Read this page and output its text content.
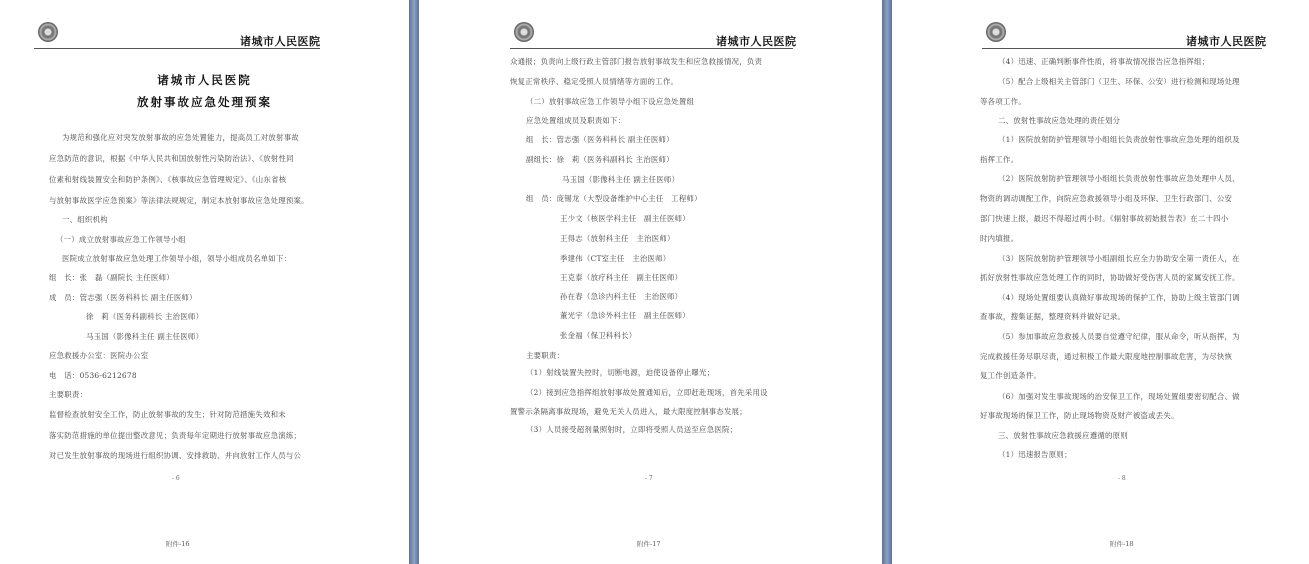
诸城市人民医院
诸城市人民医院
放射事故应急处理预案
为规范和强化应对突发放射事故的应急处置能力，提高员工对放射事故
应急防范的意识，根据《中华人民共和国放射性污染防治法》、《放射性同
位素和射线装置安全和防护条例》、《核事故应急管理规定》、《山东省核
与放射事故医学应急预案》等法律法规规定，制定本放射事故应急处理预案。
一、组织机构
（一）成立放射事故应急工作领导小组
医院成立放射事故应急处理工作领导小组，领导小组成员名单如下：
组　长：张　磊（副院长 主任医师）
成　员：管志强（医务科科长 副主任医师）
徐　莉（医务科副科长 主治医师）
马玉国（影像科主任 副主任医师）
应急救援办公室：医院办公室
电　话：0536-6212678
主要职责：
监督检查放射安全工作，防止放射事故的发生；针对防范措施失效和未
落实防范措施的单位提出整改意见；负责每年定期进行放射事故应急演练；
对已发生放射事故的现场进行组织协调、安排救助、并向放射工作人员与公
- 6
附件-16
诸城市人民医院
众通报；负责向上级行政主管部门报告放射事故发生和应急救援情况，负责
恢复正常秩序、稳定受照人员情绪等方面的工作。
（二）放射事故应急工作领导小组下设应急处置组
应急处置组成员及职责如下：
组　长：管志强（医务科科长 副主任医师）
副组长：徐　莉（医务科副科长 主治医师）
马玉国（影像科主任 副主任医师）
组　员：庞锡龙（大型设备维护中心主任　工程师）
王少文（核医学科主任　副主任医师）
王得志（放射科主任　主治医师）
季建伟（CT室主任　主治医师）
王克泰（放疗科主任　副主任医师）
孙在春（急诊内科主任　主治医师）
董光宇（急诊外科主任　副主任医师）
张金福（保卫科科长）
主要职责：
（1）射线装置失控时，切断电源，迫使设备停止曝光；
（2）接到应急指挥组放射事故处置通知后，立即赶赴现场，首先采用设
置警示条隔离事故现场，避免无关人员进入，最大限度控制事态发展；
（3）人员接受超剂量照射时，立即将受照人员送至应急医院；
- 7
附件-17
诸城市人民医院
（4）迅速、正确判断事件性质，将事故情况报告应急指挥组；
（5）配合上级相关主管部门（卫生、环保、公安）进行检测和现场处理
等各项工作。
二、放射性事故应急处理的责任划分
（1）医院放射防护管理领导小组组长负责放射性事故应急处理的组织及
指挥工作。
（2）医院放射防护管理领导小组组长负责放射性事故应急处理中人员、
物资的调动调配工作，向院应急救援领导小组及环保、卫生行政部门、公安
部门快速上报，最迟不得超过两小时。《辐射事故初始报告表》在二十四小
时内填报。
（3）医院放射防护管理领导小组副组长应全力协助安全第一责任人，在
抓好放射性事故应急处理工作的同时，协助做好受伤害人员的家属安抚工作。
（4）现场处置组要认真做好事故现场的保护工作，协助上级主管部门调
查事故，搜集证据，整理资料并做好记录。
（5）参加事故应急救援人员要自觉遵守纪律，服从命令，听从指挥，为
完成救援任务尽职尽责，通过积极工作最大限度地控制事故危害，为尽快恢
复工作创造条件。
（6）加强对发生事故现场的治安保卫工作，现场处置组要密切配合、做
好事故现场的保卫工作，防止现场物资及财产被盗或丢失。
三、放射性事故应急救援应遵循的原则
（1）迅速报告原则；
- 8
附件-18
